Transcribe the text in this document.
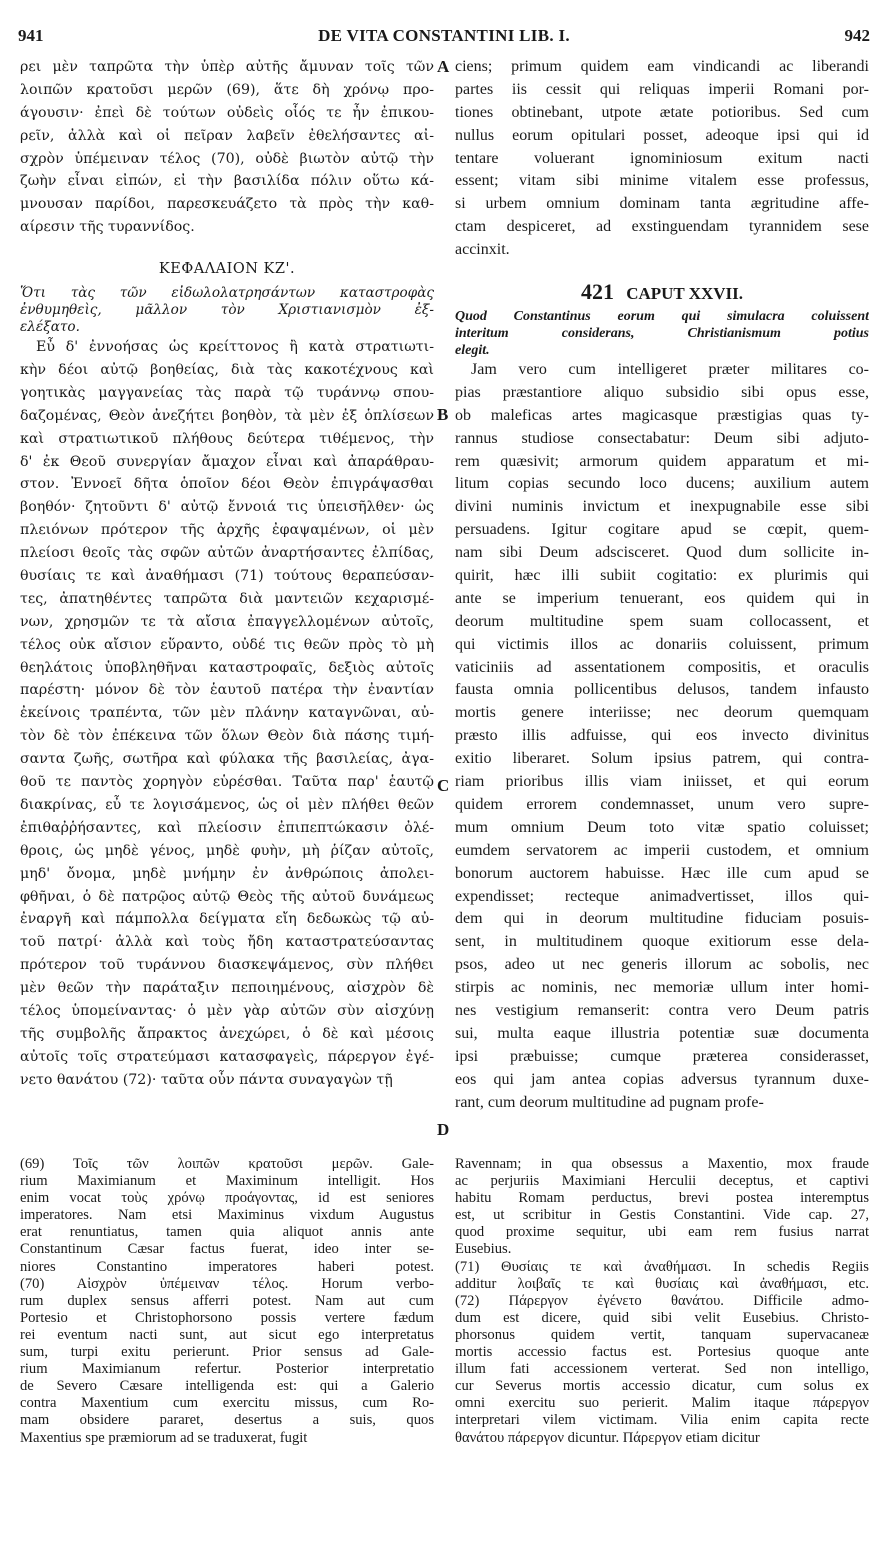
941	DE VITA CONSTANTINI LIB. I.	942
ρει μὲν ταπρῶτα τὴν ὑπὲρ αὐτῆς ἄμυναν τοῖς τῶν
λοιπῶν κρατοῦσι μερῶν (69), ἅτε δὴ χρόνῳ προ-
άγουσιν· ἐπεὶ δὲ τούτων οὐδεὶς οἷός τε ἦν ἐπικου-
ρεῖν, ἀλλὰ καὶ οἱ πεῖραν λαβεῖν ἐθελήσαντες αἰ-
σχρὸν ὑπέμειναν τέλος (70), οὐδὲ βιωτὸν αὐτῷ τὴν
ζωὴν εἶναι εἰπών, εἰ τὴν βασιλίδα πόλιν οὕτω κά-
μνουσαν παρίδοι, παρεσκευάζετο τὰ πρὸς τὴν καθ-
αίρεσιν τῆς τυραννίδος.
ΚΕΦΑΛΑΙΟΝ ΚΖ'.
Ὅτι τὰς τῶν εἰδωλολατρησάντων καταστροφὰς
ἐνθυμηθεὶς, μᾶλλον τὸν Χριστιανισμὸν ἐξ-
ελέξατο.
Εὖ δ' ἐννοήσας ὡς κρείττονος ἢ κατὰ στρατιωτι-
κὴν δέοι αὐτῷ βοηθείας, διὰ τὰς κακοτέχνους καὶ
γοητικὰς μαγγανείας τὰς παρὰ τῷ τυράννῳ σπου-
δαζομένας, Θεὸν ἀνεζήτει βοηθὸν, τὰ μὲν ἐξ ὁπλίσεων
καὶ στρατιωτικοῦ πλήθους δεύτερα τιθέμενος, τὴν
δ' ἐκ Θεοῦ συνεργίαν ἄμαχον εἶναι καὶ ἀπαράθραυ-
στον. Ἐννοεῖ δῆτα ὁποῖον δέοι Θεὸν ἐπιγράψασθαι
βοηθόν· ζητοῦντι δ' αὐτῷ ἔννοιά τις ὑπεισῆλθεν· ὡς
πλειόνων πρότερον τῆς ἀρχῆς ἐφαψαμένων, οἱ μὲν
πλείοσι θεοῖς τὰς σφῶν αὐτῶν ἀναρτήσαντες ἐλπίδας,
θυσίαις τε καὶ ἀναθήμασι (71) τούτους θεραπεύσαν-
τες, ἀπατηθέντες ταπρῶτα διὰ μαντειῶν κεχαρισμέ-
νων, χρησμῶν τε τὰ αἴσια ἐπαγγελλομένων αὐτοῖς,
τέλος οὐκ αἴσιον εὕραντο, οὐδέ τις θεῶν πρὸς τὸ μὴ
θεηλάτοις ὑποβληθῆναι καταστροφαῖς, δεξιὸς αὐτοῖς
παρέστη· μόνον δὲ τὸν ἑαυτοῦ πατέρα τὴν ἐναντίαν
ἐκείνοις τραπέντα, τῶν μὲν πλάνην καταγνῶναι, αὐ-
τὸν δὲ τὸν ἐπέκεινα τῶν ὅλων Θεὸν διὰ πάσης τιμή-
σαντα ζωῆς, σωτῆρα καὶ φύλακα τῆς βασιλείας, ἀγα-
θοῦ τε παντὸς χορηγὸν εὑρέσθαι. Ταῦτα παρ' ἑαυτῷ
διακρίνας, εὖ τε λογισάμενος, ὡς οἱ μὲν πλήθει θεῶν
ἐπιθαῤῥήσαντες, καὶ πλείοσιν ἐπιπεπτώκασιν ὀλέ-
θροις, ὡς μηδὲ γένος, μηδὲ φυὴν, μὴ ῥίζαν αὐτοῖς,
μηδ' ὄνομα, μηδὲ μνήμην ἐν ἀνθρώποις ἀπολει-
φθῆναι, ὁ δὲ πατρῷος αὐτῷ Θεὸς τῆς αὐτοῦ δυνάμεως
ἐναργῆ καὶ πάμπολλα δείγματα εἴη δεδωκὼς τῷ αὐ-
τοῦ πατρί· ἀλλὰ καὶ τοὺς ἤδη καταστρατεύσαντας
πρότερον τοῦ τυράννου διασκεψάμενος, σὺν πλήθει
μὲν θεῶν τὴν παράταξιν πεποιημένους, αἰσχρὸν δὲ
τέλος ὑπομείναντας· ὁ μὲν γὰρ αὐτῶν σὺν αἰσχύνῃ
τῆς συμβολῆς ἄπρακτος ἀνεχώρει, ὁ δὲ καὶ μέσοις
αὐτοῖς τοῖς στρατεύμασι κατασφαγεὶς, πάρεργον ἐγέ-
νετο θανάτου (72)· ταῦτα οὖν πάντα συναγαγὼν τῇ
A
B
C
D
ciens; primum quidem eam vindicandi ac liberandi
partes iis cessit qui reliquas imperii Romani por-
tiones obtinebant, utpote ætate potioribus. Sed cum
nullus eorum opitulari posset, adeoque ipsi qui id
tentare voluerant ignominiosum exitum nacti
essent; vitam sibi minime vitalem esse professus,
si urbem omnium dominam tanta ægritudine affe-
ctam despiceret, ad exstinguendam tyrannidem sese
accinxit.
421 CAPUT XXVII.
Quod Constantinus eorum qui simulacra coluissent
interitum considerans, Christianismum potius
elegit.
Jam vero cum intelligeret præter militares co-
pias præstantiore aliquo subsidio sibi opus esse,
ob maleficas artes magicasque præstigias quas ty-
rannus studiose consectabatur: Deum sibi adjuto-
rem quæsivit; armorum quidem apparatum et mi-
litum copias secundo loco ducens; auxilium autem
divini numinis invictum et inexpugnabile esse sibi
persuadens. Igitur cogitare apud se cœpit, quem-
nam sibi Deum adscisceret. Quod dum sollicite in-
quirit, hæc illi subiit cogitatio: ex plurimis qui
ante se imperium tenuerant, eos quidem qui in
deorum multitudine spem suam collocassent, et
qui victimis illos ac donariis coluissent, primum
vaticiniis ad assentationem compositis, et oraculis
fausta omnia pollicentibus delusos, tandem infausto
mortis genere interiisse; nec deorum quemquam
præsto illis adfuisse, qui eos invecto divinitus
exitio liberaret. Solum ipsius patrem, qui contra-
riam prioribus illis viam iniisset, et qui eorum
quidem errorem condemnasset, unum vero supre-
mum omnium Deum toto vitæ spatio coluisset;
eumdem servatorem ac imperii custodem, et omnium
bonorum auctorem habuisse. Hæc ille cum apud se
expendisset; recteque animadvertisset, illos qui-
dem qui in deorum multitudine fiduciam posuis-
sent, in multitudinem quoque exitiorum esse dela-
psos, adeo ut nec generis illorum ac sobolis, nec
stirpis ac nominis, nec memoriæ ullum inter homi-
nes vestigium remanserit: contra vero Deum patris
sui, multa eaque illustria potentiæ suæ documenta
ipsi præbuisse; cumque præterea considerasset,
eos qui jam antea copias adversus tyrannum duxe-
rant, cum deorum multitudine ad pugnam profe-
(69) Τοῖς τῶν λοιπῶν κρατοῦσι μερῶν. Gale-
rium Maximianum et Maximinum intelligit. Hos
enim vocat τοὺς χρόνῳ προάγοντας, id est seniores
imperatores. Nam etsi Maximinus vixdum Augustus
erat renuntiatus, tamen quia aliquot annis ante
Constantinum Cæsar factus fuerat, ideo inter se-
niores Constantino imperatores haberi potest.
(70) Αἰσχρὸν ὑπέμειναν τέλος. Horum verbo-
rum duplex sensus afferri potest. Nam aut cum
Portesio et Christophorsono possis vertere fædum
rei eventum nacti sunt, aut sicut ego interpretatus
sum, turpi exitu perierunt. Prior sensus ad Gale-
rium Maximianum refertur. Posterior interpretatio
de Severo Cæsare intelligenda est: qui a Galerio
contra Maxentium cum exercitu missus, cum Ro-
mam obsidere pararet, desertus a suis, quos
Maxentius spe præmiorum ad se traduxerat, fugit
Ravennam; in qua obsessus a Maxentio, mox fraude
ac perjuriis Maximiani Herculii deceptus, et captivi
habitu Romam perductus, brevi postea interemptus
est, ut scribitur in Gestis Constantini. Vide cap. 27,
quod proxime sequitur, ubi eam rem fusius narrat
Eusebius.
(71) Θυσίαις τε καὶ ἀναθήμασι. In schedis Regiis
additur λοιβαῖς τε καὶ θυσίαις καὶ ἀναθήμασι, etc.
(72) Πάρεργον ἐγένετο θανάτου. Difficile admo-
dum est dicere, quid sibi velit Eusebius. Christo-
phorsonus quidem vertit, tanquam supervacaneæ
mortis accessio factus est. Portesius quoque ante
illum fati accessionem verterat. Sed non intelligo,
cur Severus mortis accessio dicatur, cum solus ex
omni exercitu suo perierit. Malim itaque πάρεργον
interpretari vilem victimam. Vilia enim capita recte
θανάτου πάρεργον dicuntur. Πάρεργον etiam dicitur
